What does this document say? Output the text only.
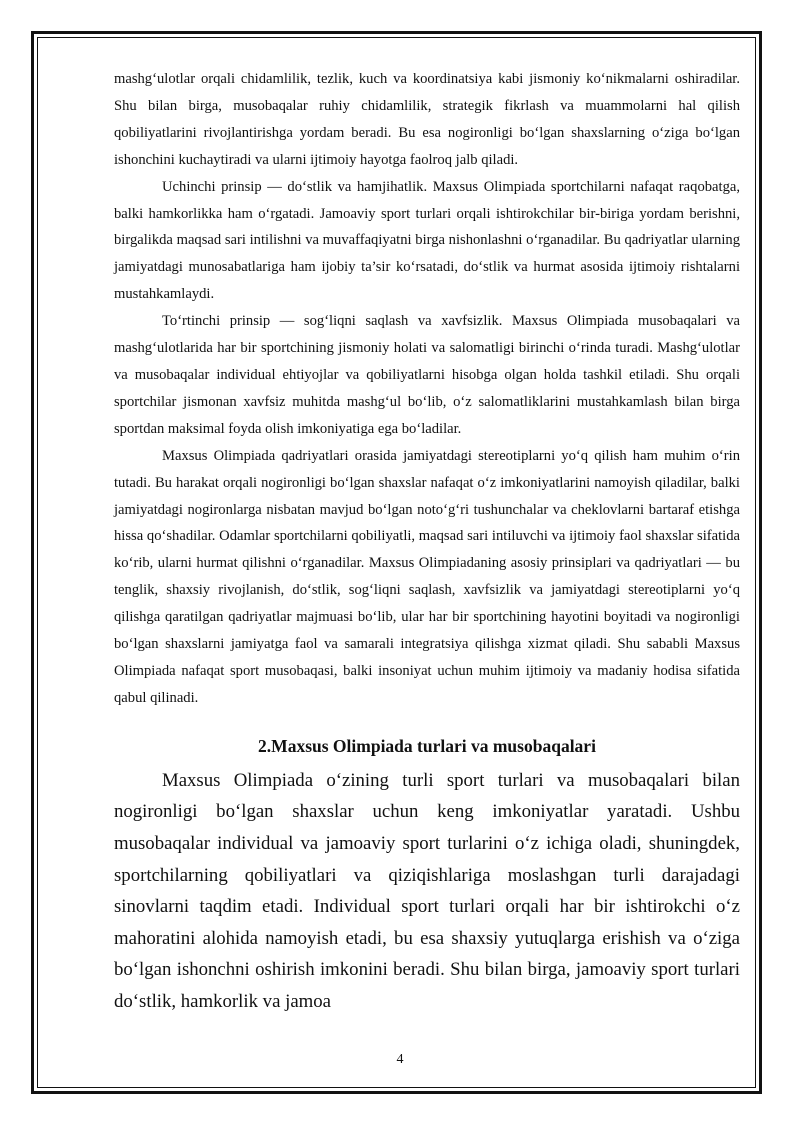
mashg‘ulotlar orqali chidamlilik, tezlik, kuch va koordinatsiya kabi jismoniy ko‘nikmalarni oshiradilar. Shu bilan birga, musobaqalar ruhiy chidamlilik, strategik fikrlash va muammolarni hal qilish qobiliyatlarini rivojlantirishga yordam beradi. Bu esa nogironligi bo‘lgan shaxslarning o‘ziga bo‘lgan ishonchini kuchaytiradi va ularni ijtimoiy hayotga faolroq jalb qiladi.

Uchinchi prinsip — do‘stlik va hamjihatlik. Maxsus Olimpiada sportchilarni nafaqat raqobatga, balki hamkorlikka ham o‘rgatadi. Jamoaviy sport turlari orqali ishtirokchilar bir-biriga yordam berishni, birgalikda maqsad sari intilishni va muvaffaqiyatni birga nishonlashni o‘rganadilar. Bu qadriyatlar ularning jamiyatdagi munosabatlariga ham ijobiy ta’sir ko‘rsatadi, do‘stlik va hurmat asosida ijtimoiy rishtalarni mustahkamlaydi.

To‘rtinchi prinsip — sog‘liqni saqlash va xavfsizlik. Maxsus Olimpiada musobaqalari va mashg‘ulotlarida har bir sportchining jismoniy holati va salomatligi birinchi o‘rinda turadi. Mashg‘ulotlar va musobaqalar individual ehtiyojlar va qobiliyatlarni hisobga olgan holda tashkil etiladi. Shu orqali sportchilar jismonan xavfsiz muhitda mashg‘ul bo‘lib, o‘z salomatliklarini mustahkamlash bilan birga sportdan maksimal foyda olish imkoniyatiga ega bo‘ladilar.

Maxsus Olimpiada qadriyatlari orasida jamiyatdagi stereotiplarni yo‘q qilish ham muhim o‘rin tutadi. Bu harakat orqali nogironligi bo‘lgan shaxslar nafaqat o‘z imkoniyatlarini namoyish qiladilar, balki jamiyatdagi nogironlarga nisbatan mavjud bo‘lgan noto‘g‘ri tushunchalar va cheklovlarni bartaraf etishga hissa qo‘shadilar. Odamlar sportchilarni qobiliyatli, maqsad sari intiluvchi va ijtimoiy faol shaxslar sifatida ko‘rib, ularni hurmat qilishni o‘rganadilar. Maxsus Olimpiadaning asosiy prinsiplari va qadriyatlari — bu tenglik, shaxsiy rivojlanish, do‘stlik, sog‘liqni saqlash, xavfsizlik va jamiyatdagi stereotiplarni yo‘q qilishga qaratilgan qadriyatlar majmuasi bo‘lib, ular har bir sportchining hayotini boyitadi va nogironligi bo‘lgan shaxslarni jamiyatga faol va samarali integratsiya qilishga xizmat qiladi. Shu sababli Maxsus Olimpiada nafaqat sport musobaqasi, balki insoniyat uchun muhim ijtimoiy va madaniy hodisa sifatida qabul qilinadi.

2.Maxsus Olimpiada turlari va musobaqalari

Maxsus Olimpiada o‘zining turli sport turlari va musobaqalari bilan nogironligi bo‘lgan shaxslar uchun keng imkoniyatlar yaratadi. Ushbu musobaqalar individual va jamoaviy sport turlarini o‘z ichiga oladi, shuningdek, sportchilarning qobiliyatlari va qiziqishlariga moslashgan turli darajadagi sinovlarni taqdim etadi. Individual sport turlari orqali har bir ishtirokchi o‘z mahoratini alohida namoyish etadi, bu esa shaxsiy yutuqlarga erishish va o‘ziga bo‘lgan ishonchni oshirish imkonini beradi. Shu bilan birga, jamoaviy sport turlari do‘stlik, hamkorlik va jamoa

4
